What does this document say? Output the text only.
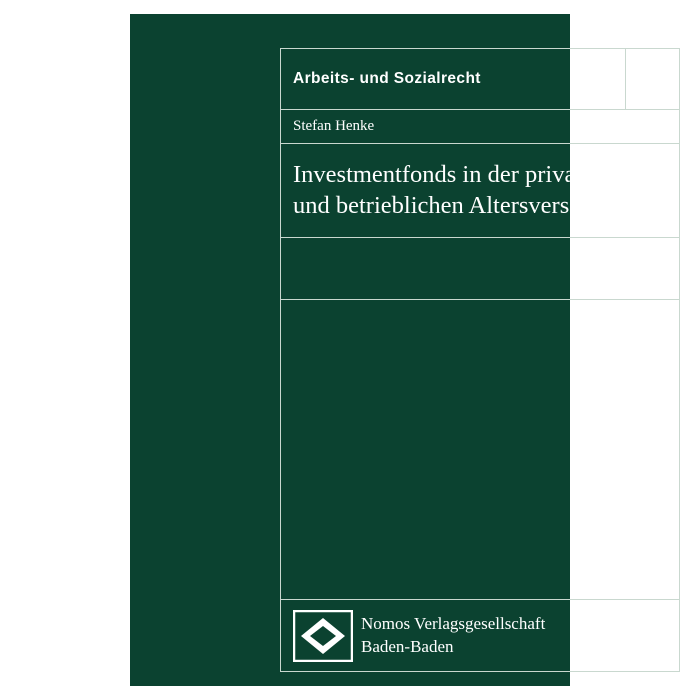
Arbeits- und Sozialrecht	80
Stefan Henke
Investmentfonds in der privaten
und betrieblichen Altersversorgung
Nomos Verlagsgesellschaft
Baden-Baden
